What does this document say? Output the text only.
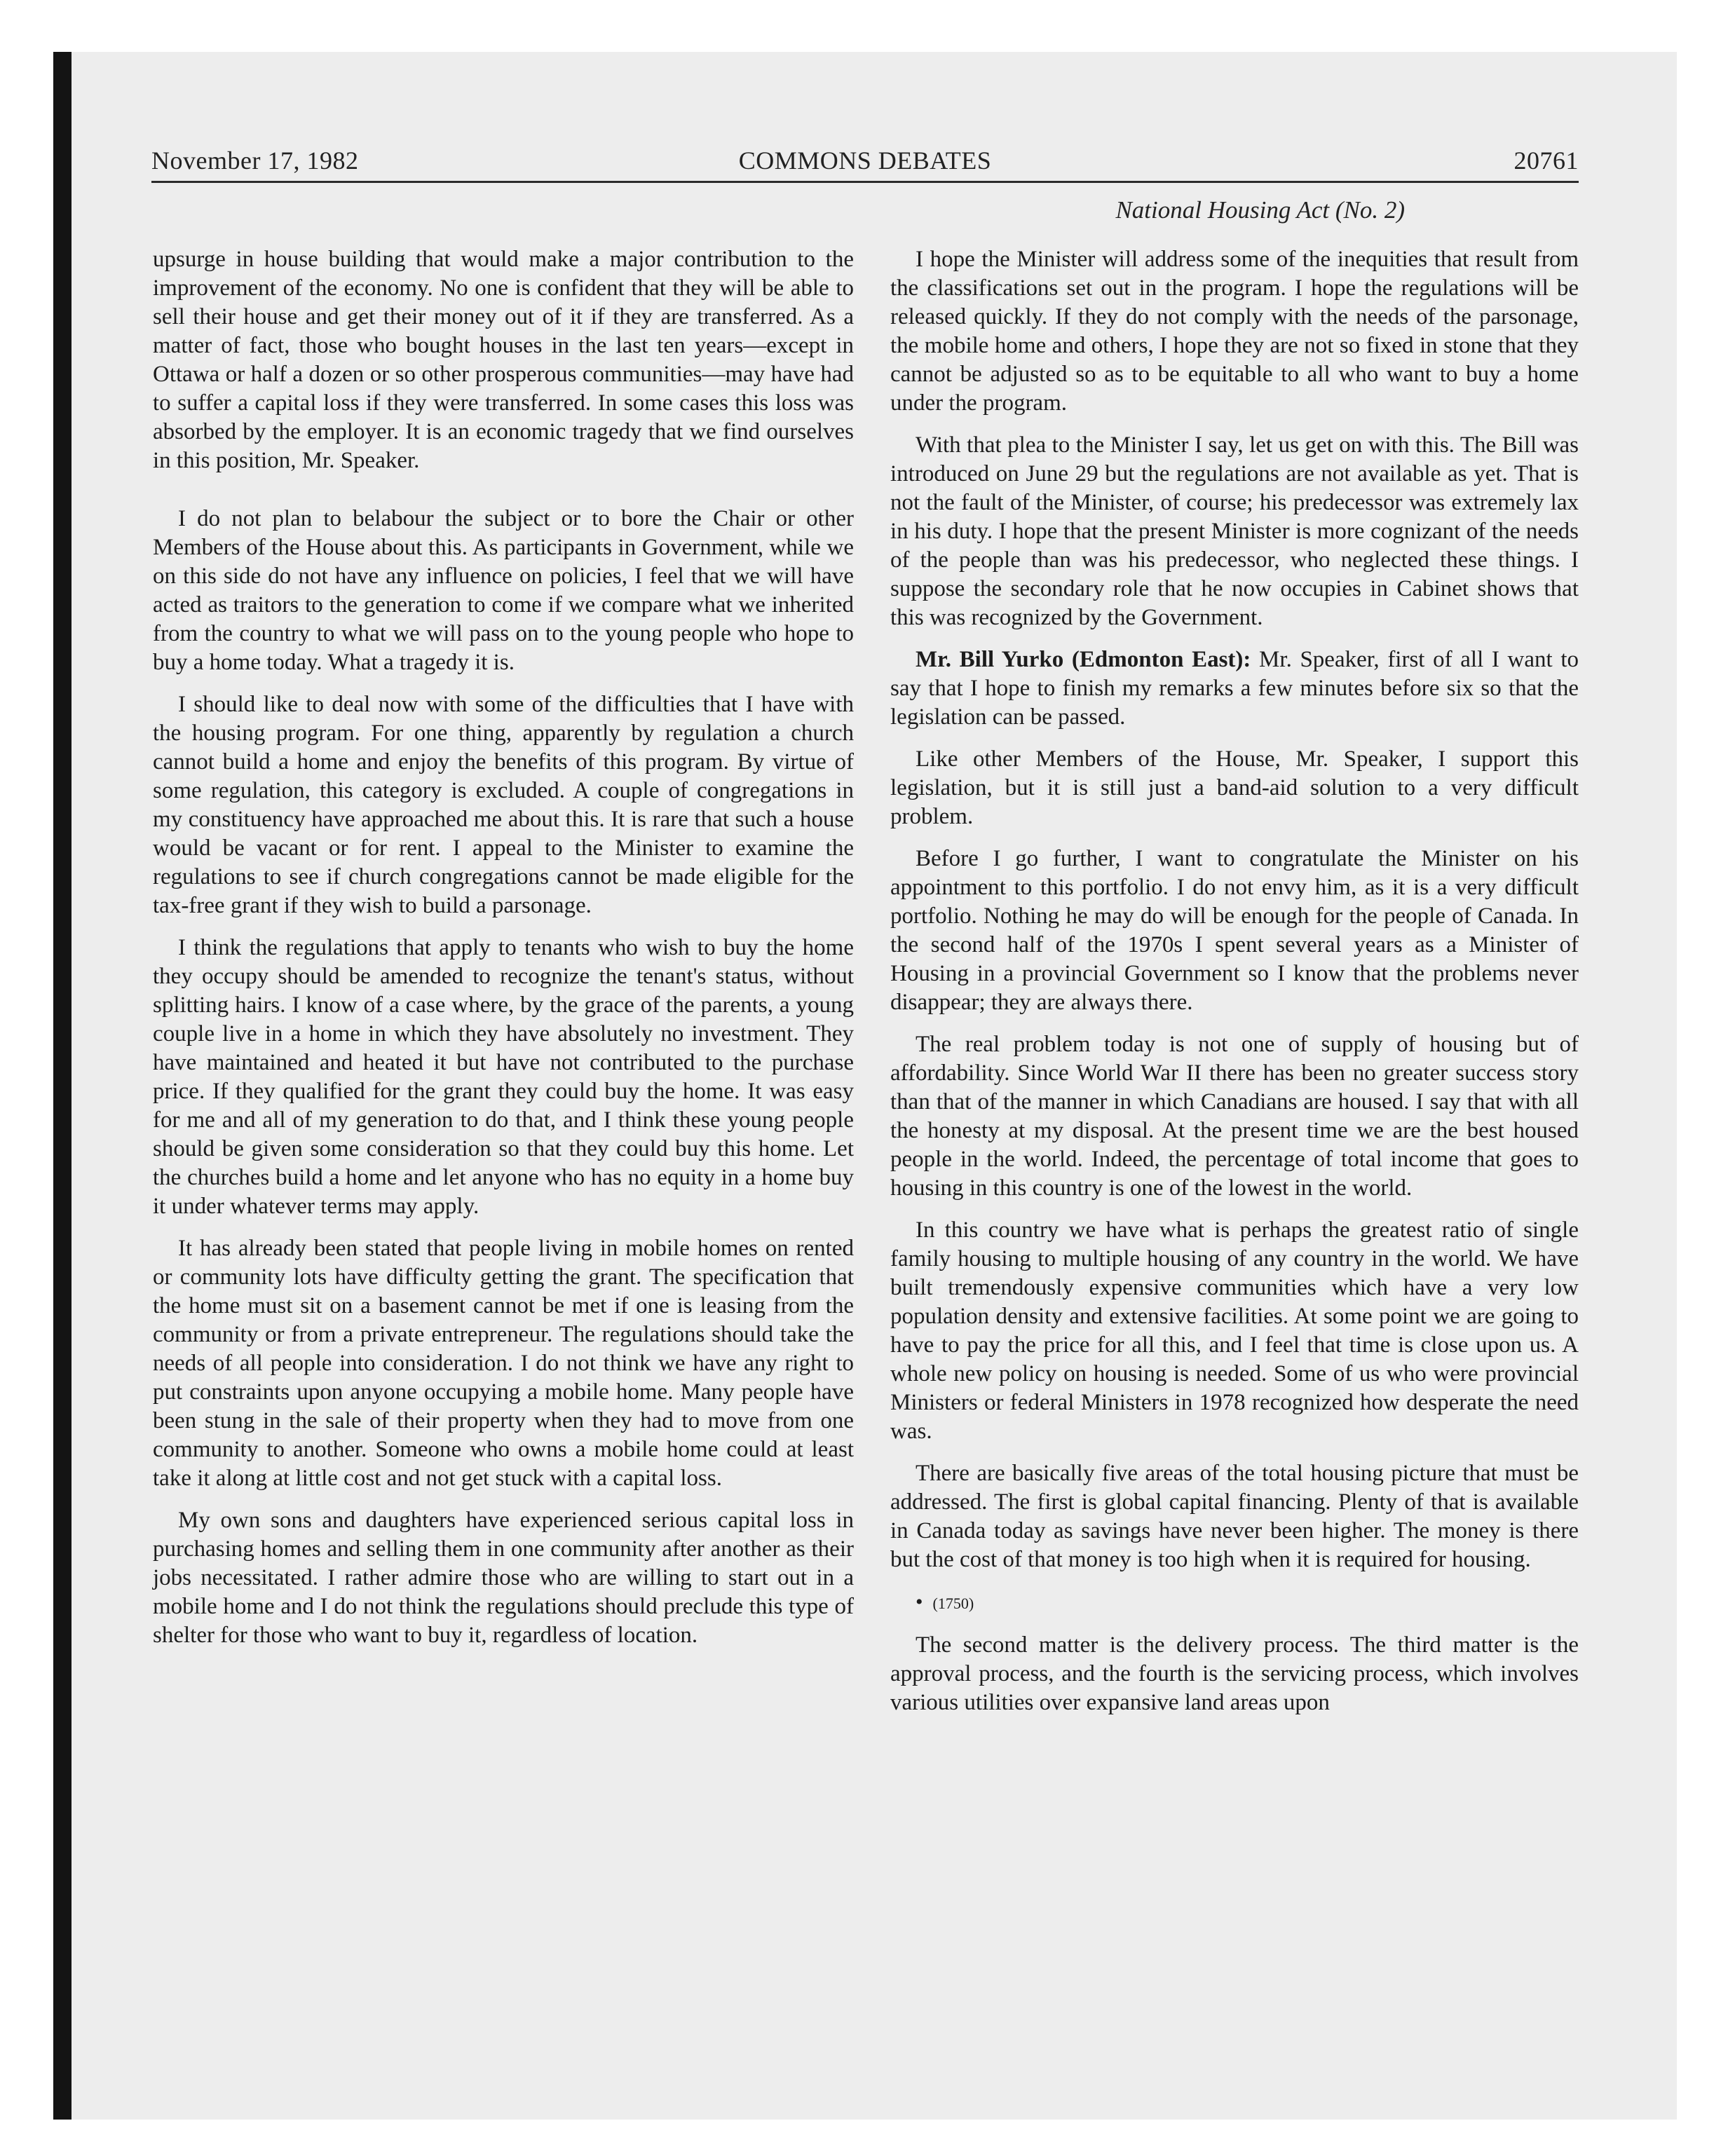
November 17, 1982	COMMONS DEBATES	20761
National Housing Act (No. 2)

upsurge in house building that would make a major contribution to the improvement of the economy. No one is confident that they will be able to sell their house and get their money out of it if they are transferred. As a matter of fact, those who bought houses in the last ten years—except in Ottawa or half a dozen or so other prosperous communities—may have had to suffer a capital loss if they were transferred. In some cases this loss was absorbed by the employer. It is an economic tragedy that we find ourselves in this position, Mr. Speaker.

I do not plan to belabour the subject or to bore the Chair or other Members of the House about this. As participants in Government, while we on this side do not have any influence on policies, I feel that we will have acted as traitors to the generation to come if we compare what we inherited from the country to what we will pass on to the young people who hope to buy a home today. What a tragedy it is.

I should like to deal now with some of the difficulties that I have with the housing program. For one thing, apparently by regulation a church cannot build a home and enjoy the benefits of this program. By virtue of some regulation, this category is excluded. A couple of congregations in my constituency have approached me about this. It is rare that such a house would be vacant or for rent. I appeal to the Minister to examine the regulations to see if church congregations cannot be made eligible for the tax-free grant if they wish to build a parsonage.

I think the regulations that apply to tenants who wish to buy the home they occupy should be amended to recognize the tenant's status, without splitting hairs. I know of a case where, by the grace of the parents, a young couple live in a home in which they have absolutely no investment. They have maintained and heated it but have not contributed to the purchase price. If they qualified for the grant they could buy the home. It was easy for me and all of my generation to do that, and I think these young people should be given some consideration so that they could buy this home. Let the churches build a home and let anyone who has no equity in a home buy it under whatever terms may apply.

It has already been stated that people living in mobile homes on rented or community lots have difficulty getting the grant. The specification that the home must sit on a basement cannot be met if one is leasing from the community or from a private entrepreneur. The regulations should take the needs of all people into consideration. I do not think we have any right to put constraints upon anyone occupying a mobile home. Many people have been stung in the sale of their property when they had to move from one community to another. Someone who owns a mobile home could at least take it along at little cost and not get stuck with a capital loss.

My own sons and daughters have experienced serious capital loss in purchasing homes and selling them in one community after another as their jobs necessitated. I rather admire those who are willing to start out in a mobile home and I do not think the regulations should preclude this type of shelter for those who want to buy it, regardless of location.

I hope the Minister will address some of the inequities that result from the classifications set out in the program. I hope the regulations will be released quickly. If they do not comply with the needs of the parsonage, the mobile home and others, I hope they are not so fixed in stone that they cannot be adjusted so as to be equitable to all who want to buy a home under the program.

With that plea to the Minister I say, let us get on with this. The Bill was introduced on June 29 but the regulations are not available as yet. That is not the fault of the Minister, of course; his predecessor was extremely lax in his duty. I hope that the present Minister is more cognizant of the needs of the people than was his predecessor, who neglected these things. I suppose the secondary role that he now occupies in Cabinet shows that this was recognized by the Government.

Mr. Bill Yurko (Edmonton East): Mr. Speaker, first of all I want to say that I hope to finish my remarks a few minutes before six so that the legislation can be passed.

Like other Members of the House, Mr. Speaker, I support this legislation, but it is still just a band-aid solution to a very difficult problem.

Before I go further, I want to congratulate the Minister on his appointment to this portfolio. I do not envy him, as it is a very difficult portfolio. Nothing he may do will be enough for the people of Canada. In the second half of the 1970s I spent several years as a Minister of Housing in a provincial Government so I know that the problems never disappear; they are always there.

The real problem today is not one of supply of housing but of affordability. Since World War II there has been no greater success story than that of the manner in which Canadians are housed. I say that with all the honesty at my disposal. At the present time we are the best housed people in the world. Indeed, the percentage of total income that goes to housing in this country is one of the lowest in the world.

In this country we have what is perhaps the greatest ratio of single family housing to multiple housing of any country in the world. We have built tremendously expensive communities which have a very low population density and extensive facilities. At some point we are going to have to pay the price for all this, and I feel that time is close upon us. A whole new policy on housing is needed. Some of us who were provincial Ministers or federal Ministers in 1978 recognized how desperate the need was.

There are basically five areas of the total housing picture that must be addressed. The first is global capital financing. Plenty of that is available in Canada today as savings have never been higher. The money is there but the cost of that money is too high when it is required for housing.

• (1750)

The second matter is the delivery process. The third matter is the approval process, and the fourth is the servicing process, which involves various utilities over expansive land areas upon
